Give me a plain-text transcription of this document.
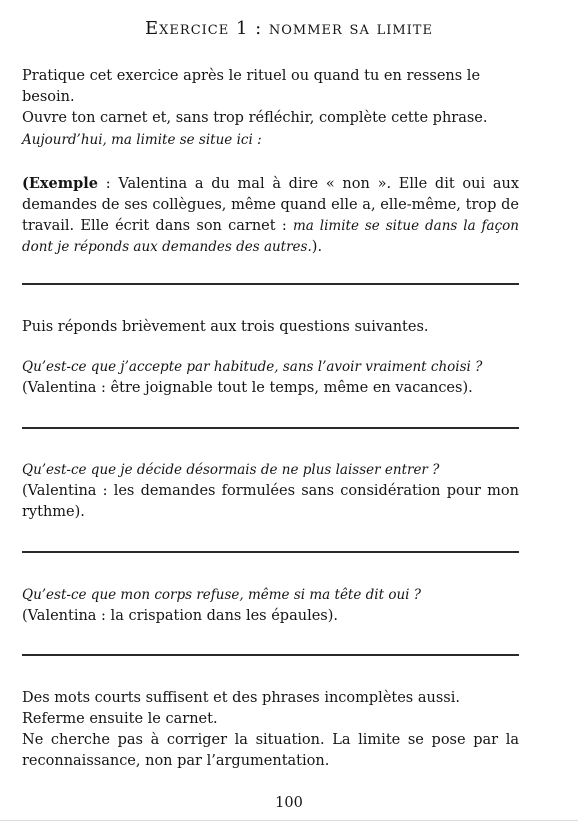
Exercice 1 : nommer sa limite

Pratique cet exercice après le rituel ou quand tu en ressens le besoin.
Ouvre ton carnet et, sans trop réfléchir, complète cette phrase.

Aujourd’hui, ma limite se situe ici :

(Exemple : Valentina a du mal à dire « non ». Elle dit oui aux demandes de ses collègues, même quand elle a, elle-même, trop de travail. Elle écrit dans son carnet : ma limite se situe dans la façon dont je réponds aux demandes des autres.).

Puis réponds brièvement aux trois questions suivantes.

Qu’est-ce que j’accepte par habitude, sans l’avoir vraiment choisi ?
(Valentina : être joignable tout le temps, même en vacances).

Qu’est-ce que je décide désormais de ne plus laisser entrer ?
(Valentina : les demandes formulées sans considération pour mon rythme).

Qu’est-ce que mon corps refuse, même si ma tête dit oui ?
(Valentina : la crispation dans les épaules).

Des mots courts suffisent et des phrases incomplètes aussi.
Referme ensuite le carnet.
Ne cherche pas à corriger la situation. La limite se pose par la reconnaissance, non par l’argumentation.

100
